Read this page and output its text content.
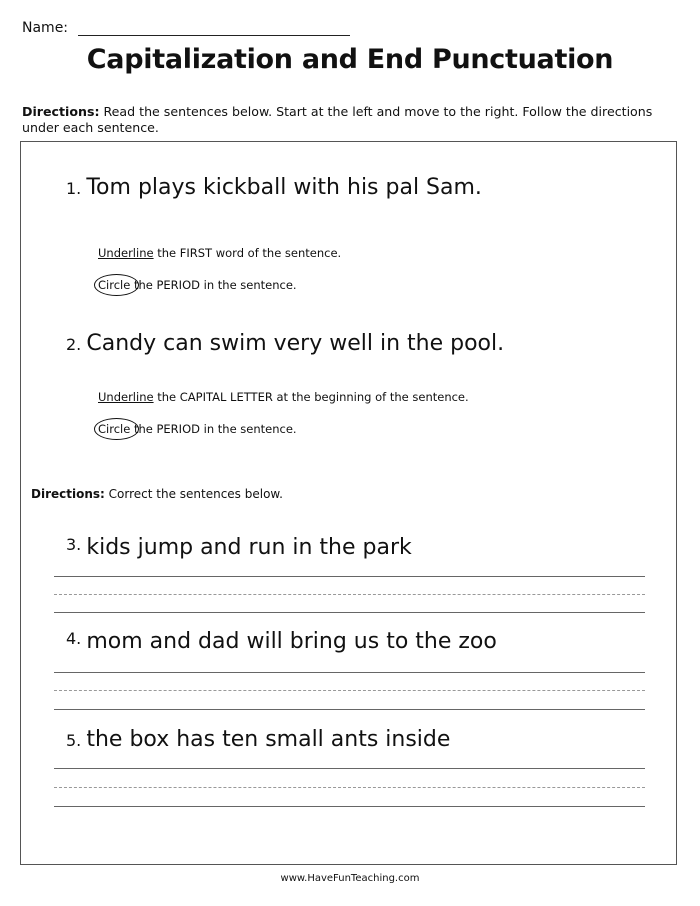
Name:
Capitalization and End Punctuation
Directions: Read the sentences below. Start at the left and move to the right. Follow the directions under each sentence.
1. Tom plays kickball with his pal Sam.
Underline the FIRST word of the sentence.
Circle the PERIOD in the sentence.
2. Candy can swim very well in the pool.
Underline the CAPITAL LETTER at the beginning of the sentence.
Circle the PERIOD in the sentence.
Directions: Correct the sentences below.
3. kids jump and run in the park
4. mom and dad will bring us to the zoo
5. the box has ten small ants inside
www.HaveFunTeaching.com
